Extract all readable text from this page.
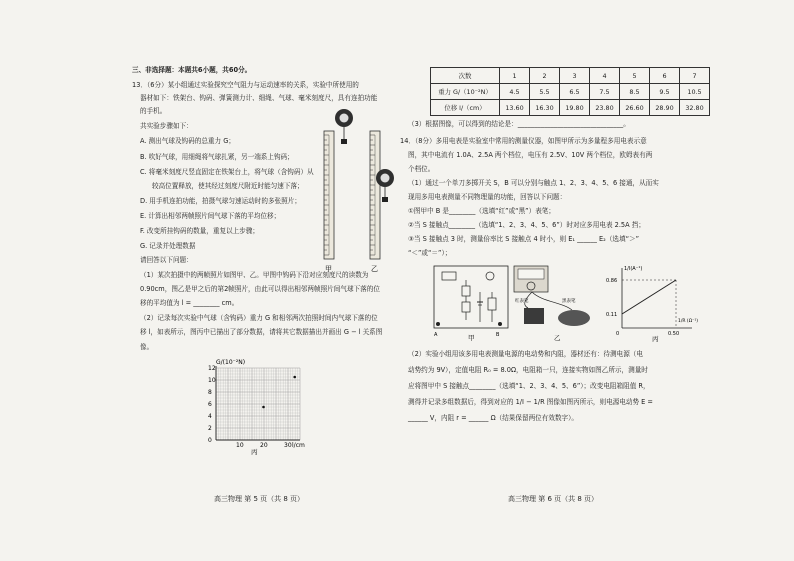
三、非选择题：本题共6小题，共60分。
13．（6分）某小组通过实验探究空气阻力与运动速率的关系，实验中所使用的
器材如下：铁架台、钩码、弹簧测力计、细绳、气球、毫米刻度尺，具有连拍功能
的手机。
共实验步骤如下：
A. 测出气球及钩码的总重力 G；
B. 吹好气球，用细绳将气球扎紧，另一端系上钩码；
C. 将毫米刻度尺竖直固定在铁架台上，将气球（含钩码）从
较高位置释放，使其经过刻度尺附近时能匀速下落；
D. 用手机连拍功能，拍摄气球匀速运动时的多张照片；
E. 计算出相邻两帧照片间气球下落的平均位移；
F. 改变所挂钩码的数量，重复以上步骤；
G. 记录并处理数据
请回答以下问题：
（1）某次拍摄中的两帧照片如图甲、乙。甲图中钩码下沿对应刻度尺的读数为
0.90cm，图乙是甲之后的第2帧照片，由此可以得出相邻两帧照片间气球下落的位
移的平均值为 l = ________ cm。
（2）记录每次实验中气球（含钩码）重力 G 和相邻两次拍照时间内气球下落的位
移 l，如表所示，图丙中已描出了部分数据，请将其它数据描出并画出 G − l 关系图
像。
甲	乙
G/(10⁻²N)
12
10
8
6
4
2
0
10	20	30 l/cm
丙
高三物理 第 5 页（共 8 页）
次数	1	2	3	4	5	6	7
重力 G/（10⁻²N）	4.5	5.5	6.5	7.5	8.5	9.5	10.5
位移 l/（cm）	13.60	16.30	19.80	23.80	26.60	28.90	32.80
（3）根据图像，可以得到的结论是：________________________________。
14．（8分）多用电表是实验室中常用的测量仪器，如图甲所示为多量程多用电表示意
图，其中电流有 1.0A、2.5A 两个档位，电压有 2.5V、10V 两个档位，欧姆表有两
个档位。
（1）通过一个单刀多掷开关 S，B 可以分别与触点 1、2、3、4、5、6 接通，从而实
现用多用电表测量不同物理量的功能，回答以下问题：
①图甲中 B 是________（选填“红”或“黑”）表笔；
②当 S 接触点________（选填“1、2、3、4、5、6”）时对应多用电表 2.5A 挡；
③当 S 接触点 3 时，测量倍率比 S 接触点 4 时小，则 E₁ ______ E₂（选填“＞”
“＜”或“＝”）；
A	B
甲
红表笔	黑表笔
乙
1/I(A⁻¹)
0.86
0.11
0	0.50
1/R (Ω⁻¹)
丙
（2）实验小组用该多用电表测量电源的电动势和内阻，器材还有：待测电源（电
动势约为 9V），定值电阻 R₀ = 8.0Ω，电阻箱一只，连接实物如图乙所示，测量时
应将图甲中 S 接触点________（选填“1、2、3、4、5、6”）；改变电阻箱阻值 R，
测得并记录多组数据后，得到对应的 1/I − 1/R 图像如图丙所示，则电源电动势 E =
______ V，内阻 r = ______ Ω（结果保留两位有效数字）。
高三物理 第 6 页（共 8 页）
